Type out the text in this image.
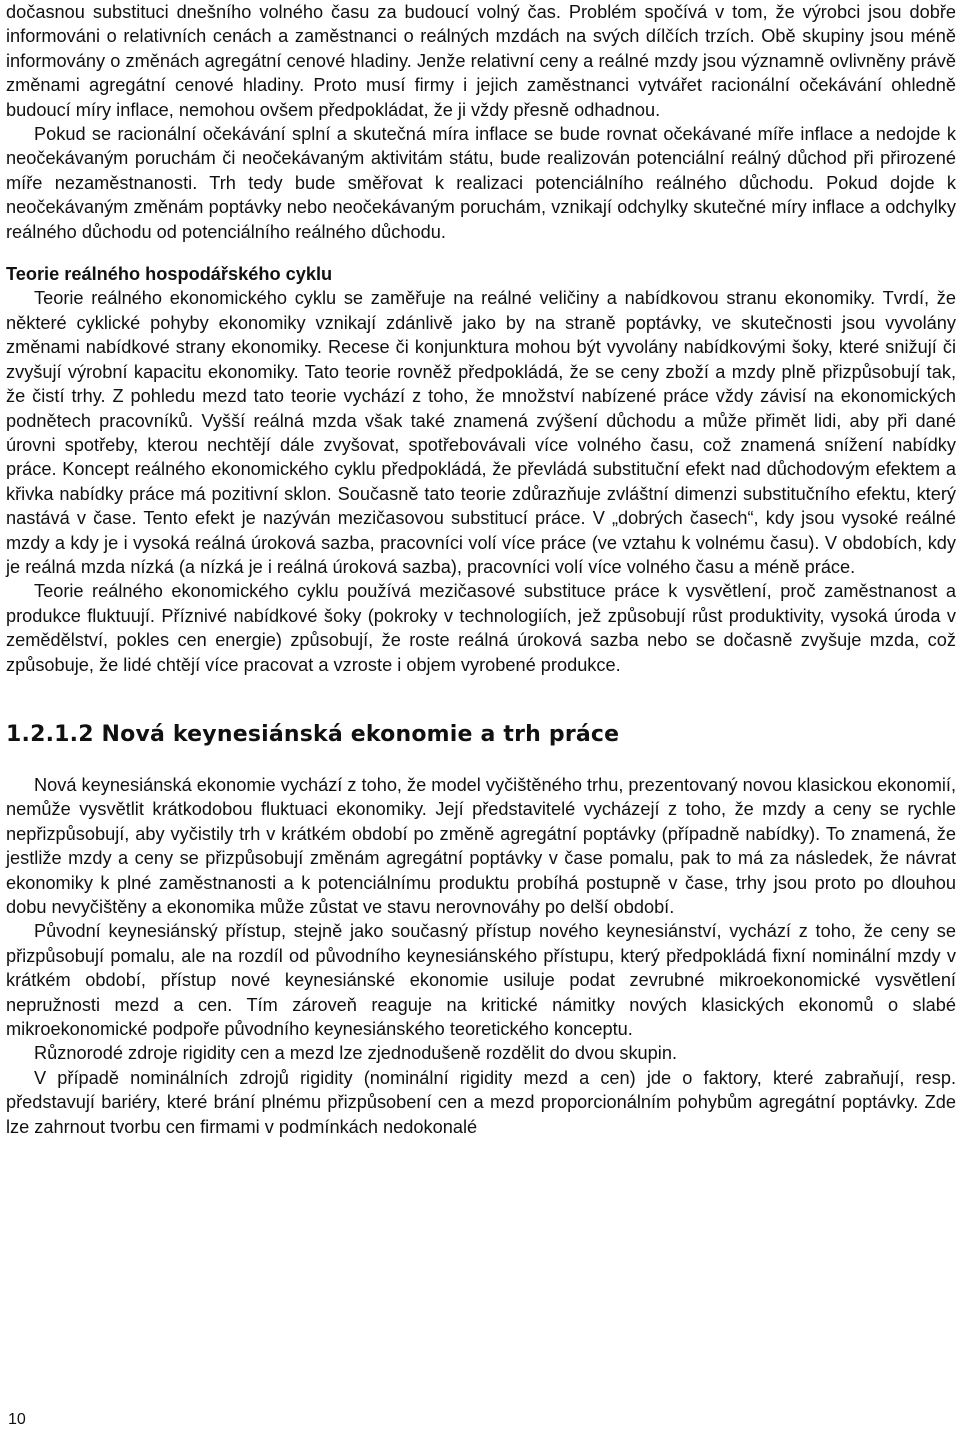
dočasnou substituci dnešního volného času za budoucí volný čas. Problém spočívá v tom, že výrobci jsou dobře informováni o relativních cenách a zaměstnanci o reálných mzdách na svých dílčích trzích. Obě skupiny jsou méně informovány o změnách agregátní cenové hladiny. Jenže relativní ceny a reálné mzdy jsou významně ovlivněny právě změnami agregátní cenové hladiny. Proto musí firmy i jejich zaměstnanci vytvářet racionální očekávání ohledně budoucí míry inflace, nemohou ovšem předpokládat, že ji vždy přesně odhadnou.

Pokud se racionální očekávání splní a skutečná míra inflace se bude rovnat očekávané míře inflace a nedojde k neočekávaným poruchám či neočekávaným aktivitám státu, bude realizován potenciální reálný důchod při přirozené míře nezaměstnanosti. Trh tedy bude směřovat k realizaci potenciálního reálného důchodu. Pokud dojde k neočekávaným změnám poptávky nebo neočekávaným poruchám, vznikají odchylky skutečné míry inflace a odchylky reálného důchodu od potenciálního reálného důchodu.

Teorie reálného hospodářského cyklu

Teorie reálného ekonomického cyklu se zaměřuje na reálné veličiny a nabídkovou stranu ekonomiky. Tvrdí, že některé cyklické pohyby ekonomiky vznikají zdánlivě jako by na straně poptávky, ve skutečnosti jsou vyvolány změnami nabídkové strany ekonomiky. Recese či konjunktura mohou být vyvolány nabídkovými šoky, které snižují či zvyšují výrobní kapacitu ekonomiky. Tato teorie rovněž předpokládá, že se ceny zboží a mzdy plně přizpůsobují tak, že čistí trhy. Z pohledu mezd tato teorie vychází z toho, že množství nabízené práce vždy závisí na ekonomických podnětech pracovníků. Vyšší reálná mzda však také znamená zvýšení důchodu a může přimět lidi, aby při dané úrovni spotřeby, kterou nechtějí dále zvyšovat, spotřebovávali více volného času, což znamená snížení nabídky práce. Koncept reálného ekonomického cyklu předpokládá, že převládá substituční efekt nad důchodovým efektem a křivka nabídky práce má pozitivní sklon. Současně tato teorie zdůrazňuje zvláštní dimenzi substitučního efektu, který nastává v čase. Tento efekt je nazýván mezičasovou substitucí práce. V „dobrých časech“, kdy jsou vysoké reálné mzdy a kdy je i vysoká reálná úroková sazba, pracovníci volí více práce (ve vztahu k volnému času). V obdobích, kdy je reálná mzda nízká (a nízká je i reálná úroková sazba), pracovníci volí více volného času a méně práce.

Teorie reálného ekonomického cyklu používá mezičasové substituce práce k vysvětlení, proč zaměstnanost a produkce fluktuují. Příznivé nabídkové šoky (pokroky v technologiích, jež způsobují růst produktivity, vysoká úroda v zemědělství, pokles cen energie) způsobují, že roste reálná úroková sazba nebo se dočasně zvyšuje mzda, což způsobuje, že lidé chtějí více pracovat a vzroste i objem vyrobené produkce.

1.2.1.2 Nová keynesiánská ekonomie a trh práce

Nová keynesiánská ekonomie vychází z toho, že model vyčištěného trhu, prezentovaný novou klasickou ekonomií, nemůže vysvětlit krátkodobou fluktuaci ekonomiky. Její představitelé vycházejí z toho, že mzdy a ceny se rychle nepřizpůsobují, aby vyčistily trh v krátkém období po změně agregátní poptávky (případně nabídky). To znamená, že jestliže mzdy a ceny se přizpůsobují změnám agregátní poptávky v čase pomalu, pak to má za následek, že návrat ekonomiky k plné zaměstnanosti a k potenciálnímu produktu probíhá postupně v čase, trhy jsou proto po dlouhou dobu nevyčištěny a ekonomika může zůstat ve stavu nerovnováhy po delší období.

Původní keynesiánský přístup, stejně jako současný přístup nového keynesiánství, vychází z toho, že ceny se přizpůsobují pomalu, ale na rozdíl od původního keynesiánského přístupu, který předpokládá fixní nominální mzdy v krátkém období, přístup nové keynesiánské ekonomie usiluje podat zevrubné mikroekonomické vysvětlení nepružnosti mezd a cen. Tím zároveň reaguje na kritické námitky nových klasických ekonomů o slabé mikroekonomické podpoře původního keynesiánského teoretického konceptu.

Různorodé zdroje rigidity cen a mezd lze zjednodušeně rozdělit do dvou skupin.

V případě nominálních zdrojů rigidity (nominální rigidity mezd a cen) jde o faktory, které zabraňují, resp. představují bariéry, které brání plnému přizpůsobení cen a mezd proporcionálním pohybům agregátní poptávky. Zde lze zahrnout tvorbu cen firmami v podmínkách nedokonalé

10
